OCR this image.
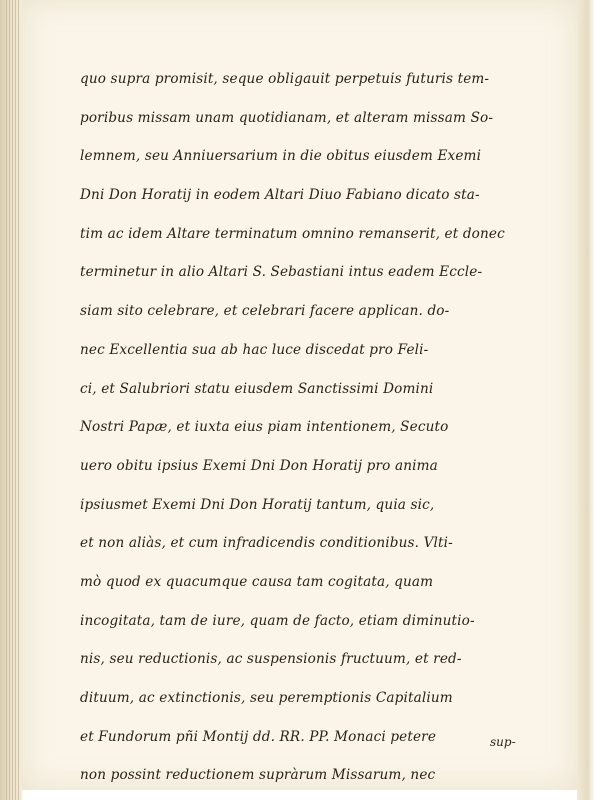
quo supra promisit, seque obligauit perpetuis futuris tem-
poribus missam unam quotidianam, et alteram missam So-
lemnem, seu Anniuersarium in die obitus eiusdem Exemi
Dni Don Horatij in eodem Altari Diuo Fabiano dicato sta-
tim ac idem Altare terminatum omnino remanserit, et donec
terminetur in alio Altari S. Sebastiani intus eadem Eccle-
siam sito celebrare, et celebrari facere applican. do-
nec Excellentia sua ab hac luce discedat pro Feli-
ci, et Salubriori statu eiusdem Sanctissimi Domini
Nostri Papæ, et iuxta eius piam intentionem, Secuto
uero obitu ipsius Exemi Dni Don Horatij pro anima
ipsiusmet Exemi Dni Don Horatij tantum, quia sic,
et non aliàs, et cum infradicendis conditionibus. Vlti-
mò quod ex quacumque causa tam cogitata, quam
incogitata, tam de iure, quam de facto, etiam diminutio-
nis, seu reductionis, ac suspensionis fructuum, et red-
dituum, ac extinctionis, seu peremptionis Capitalium
et Fundorum pñi Montij dd. RR. PP. Monaci petere
non possint reductionem supràrum Missarum, nec
sup-
